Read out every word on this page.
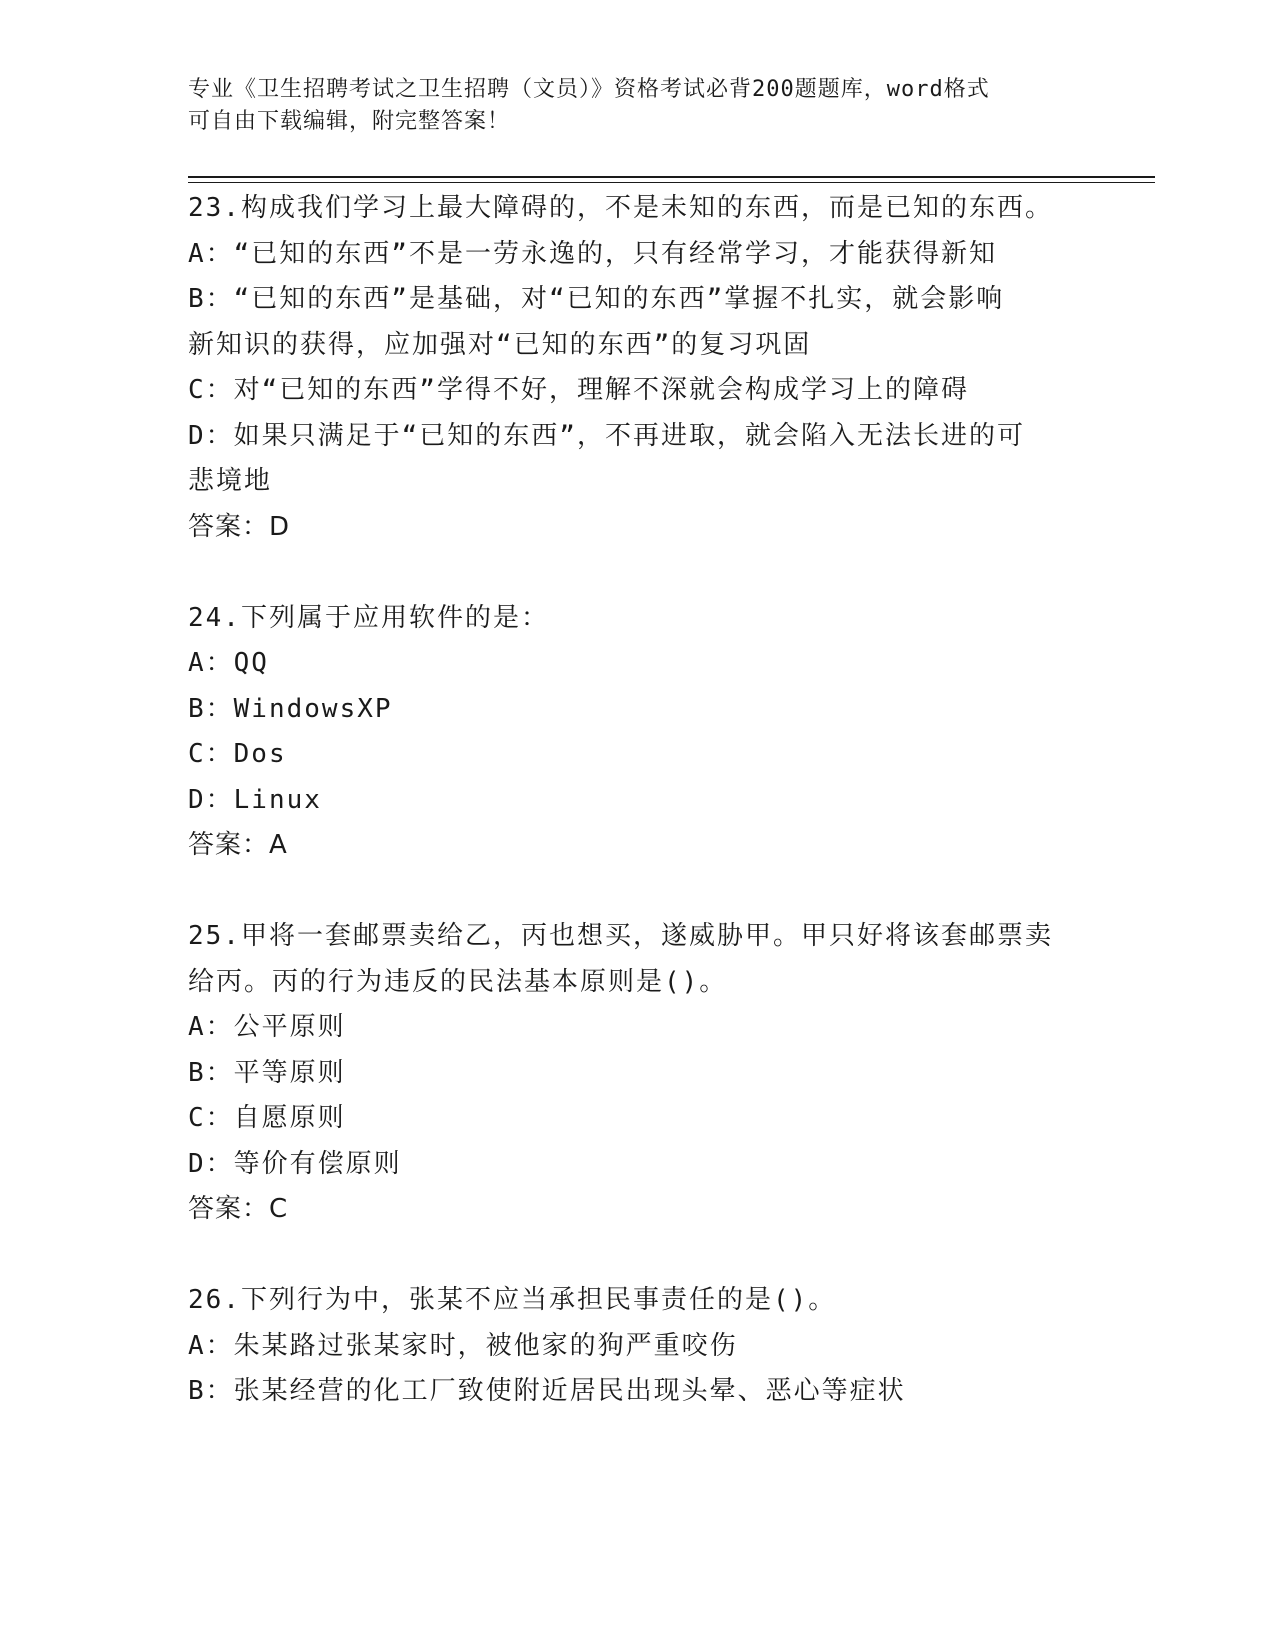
专业《卫生招聘考试之卫生招聘（文员）》资格考试必背200题题库，word格式
可自由下载编辑，附完整答案！
23.构成我们学习上最大障碍的，不是未知的东西，而是已知的东西。
A：“已知的东西”不是一劳永逸的，只有经常学习，才能获得新知
B：“已知的东西”是基础，对“已知的东西”掌握不扎实，就会影响
新知识的获得，应加强对“已知的东西”的复习巩固
C：对“已知的东西”学得不好，理解不深就会构成学习上的障碍
D：如果只满足于“已知的东西”，不再进取，就会陷入无法长进的可
悲境地
答案：D
24.下列属于应用软件的是：
A：QQ
B：WindowsXP
C：Dos
D：Linux
答案：A
25.甲将一套邮票卖给乙，丙也想买，遂威胁甲。甲只好将该套邮票卖
给丙。丙的行为违反的民法基本原则是()。
A：公平原则
B：平等原则
C：自愿原则
D：等价有偿原则
答案：C
26.下列行为中，张某不应当承担民事责任的是()。
A：朱某路过张某家时，被他家的狗严重咬伤
B：张某经营的化工厂致使附近居民出现头晕、恶心等症状
